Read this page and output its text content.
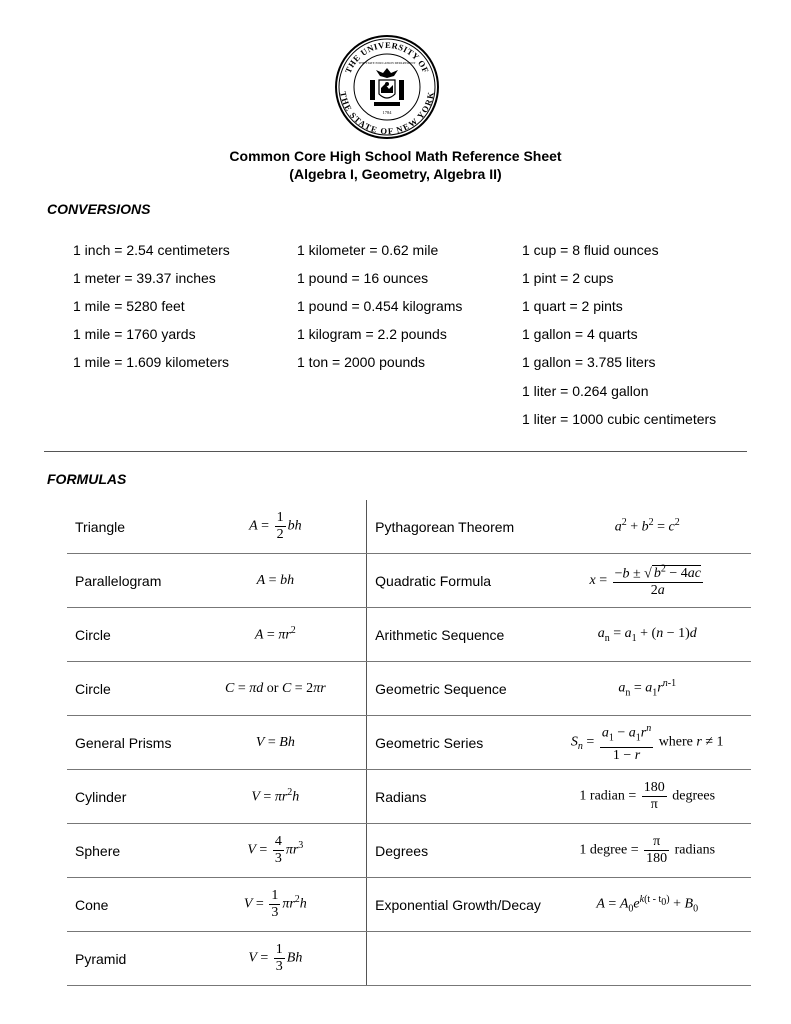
THE UNIVERSITY OF
THE STATE OF NEW YORK
THE STATE EDUCATION DEPARTMENT
1784
Common Core High School Math Reference Sheet
(Algebra I, Geometry, Algebra II)
CONVERSIONS
1 inch = 2.54 centimeters
1 meter = 39.37 inches
1 mile = 5280 feet
1 mile = 1760 yards
1 mile = 1.609 kilometers
1 kilometer = 0.62 mile
1 pound = 16 ounces
1 pound = 0.454 kilograms
1 kilogram = 2.2 pounds
1 ton = 2000 pounds
1 cup = 8 fluid ounces
1 pint = 2 cups
1 quart = 2 pints
1 gallon = 4 quarts
1 gallon = 3.785 liters
1 liter = 0.264 gallon
1 liter = 1000 cubic centimeters
FORMULAS
Triangle	$A = \frac{1}{2}$ bh	Pythagorean Theorem	$a^2 + b^2 = c^2$
Parallelogram	A = bh	Quadratic Formula	$x = \frac{-b \pm √ b^2 - 4ac}{2a}$

Circle	$A = \pi r^2$	Arithmetic Sequence	$a_n = a_1 + (n - 1)d$
Circle	C = πd or C = 2πr	Geometric Sequence	$a_n = a_1r^{n-1}$
General Prisms	V = Bh	Geometric Series	$S_n = \frac{a_1 - a_1r^n}{1 - r}$ where r ≠ 1
Cylinder	$V = \pi r^2h$	Radians	1 radian = $\frac{180}{\pi}$ degrees
Sphere	$V = \frac{4}{3} \pi r^3$	Degrees	1 degree = $\frac{\pi}{180}$ radians
Cone	$V = \frac{1}{3} \pi r^2h$	Exponential Growth/Decay	$A = A_0e^{k(t - t_0)} + B_0$
Pyramid	$V = \frac{1}{3}$ Bh		
